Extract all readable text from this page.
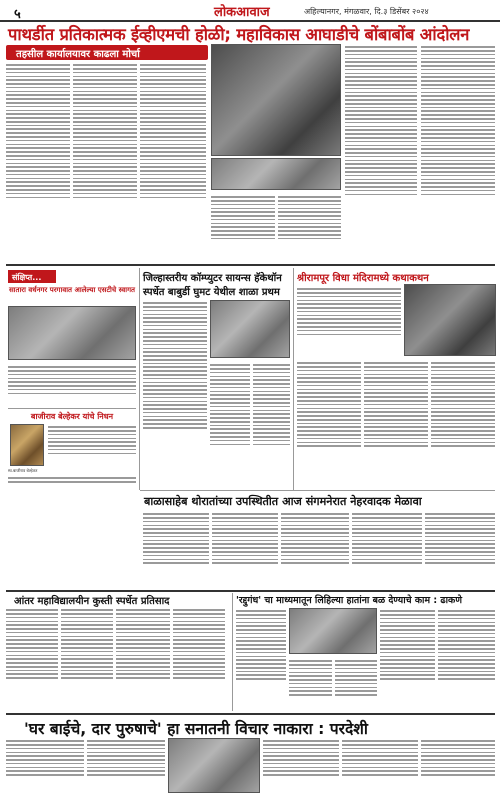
५	लोकआवाज	अहिल्यानगर, मंगळवार, दि.३ डिसेंबर २०२४
पाथर्डीत प्रतिकात्मक ईव्हीएमची होळी; महाविकास आघाडीचे बोंबाबोंब आंदोलन
तहसील कार्यालयावर काढला मोर्चा
संक्षिप्त...
सातारा वर्धनगर परगावात आलेल्या एसटीचे स्वागत
बाजीराव बेल्हेकर यांचे निधन
स्व.बाजीराव बेल्हेकर
जिल्हास्तरीय कॉम्प्युटर सायन्स हॅकेथॉन
स्पर्धेत बाबुर्डी घुमट येथील शाळा प्रथम
श्रीरामपूर विधा मंदिरामध्ये कथाकथन
बाळासाहेब थोरातांच्या उपस्थितीत आज संगमनेरात नेहरवादक मेळावा
आंतर महाविद्यालयीन कुस्ती स्पर्धेत प्रतिसाद	'रद्दुगंध' चा माध्यमातून लिहिल्या हातांना बळ देण्याचे काम : ढाकणे
'घर बाईचे, दार पुरुषाचे' हा सनातनी विचार नाकारा : परदेशी
